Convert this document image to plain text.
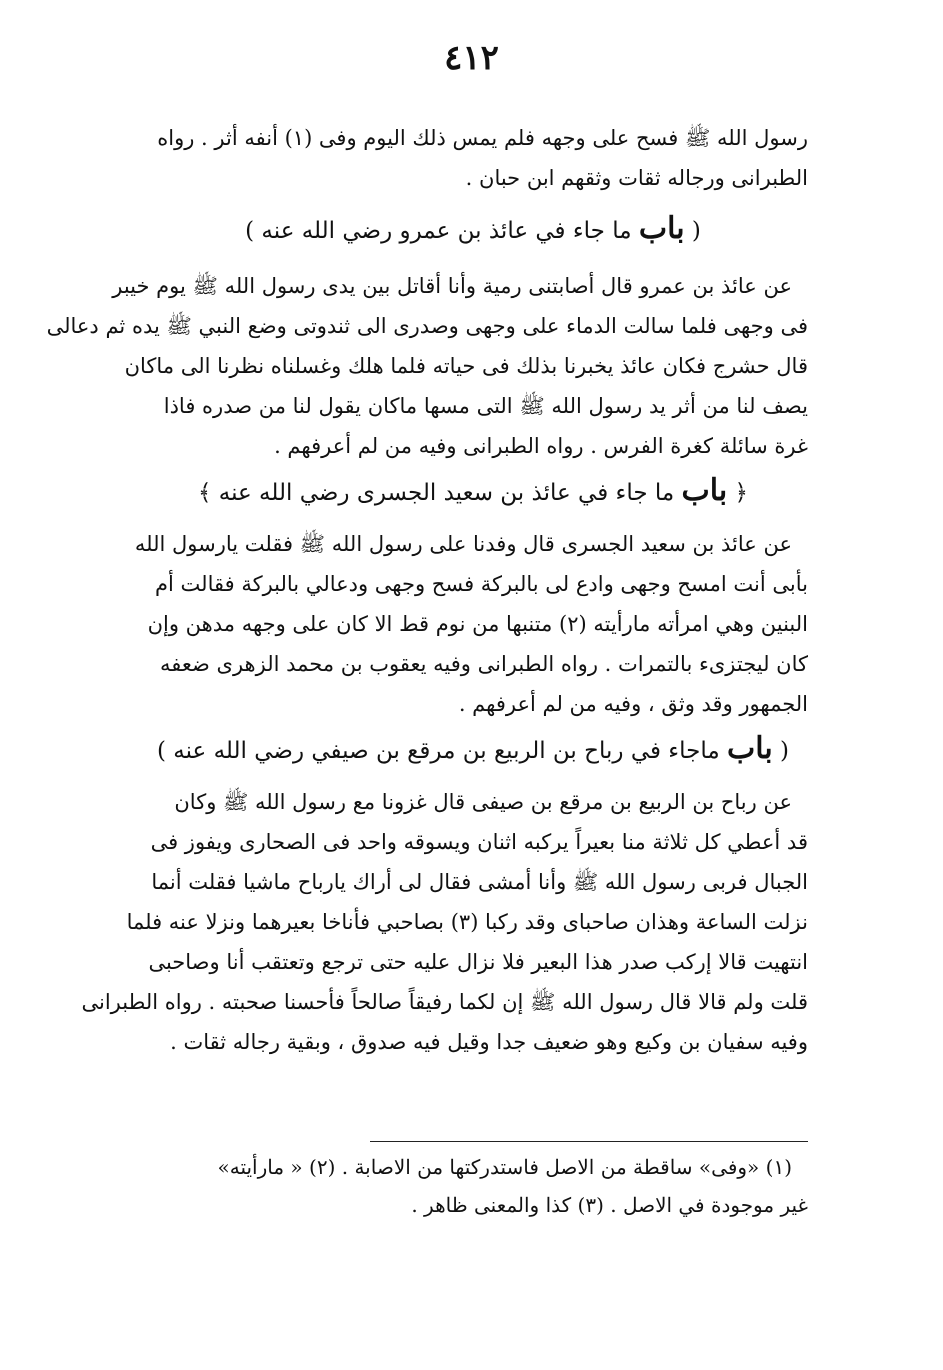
٤١٢
رسول الله ﷺ فسح على وجهه فلم يمس ذلك اليوم وفى (١) أنفه أثر . رواه
الطبرانى ورجاله ثقات وثقهم ابن حبان .
( باب ما جاء في عائذ بن عمرو رضي الله عنه )
عن عائذ بن عمرو قال أصابتنى رمية وأنا أقاتل بين يدى رسول الله ﷺ يوم خيبر
فى وجهى فلما سالت الدماء على وجهى وصدرى الى ثندوتى وضع النبي ﷺ يده ثم دعالى
قال حشرج فكان عائذ يخبرنا بذلك فى حياته فلما هلك وغسلناه نظرنا الى ماكان
يصف لنا من أثر يد رسول الله ﷺ التى مسها ماكان يقول لنا من صدره فاذا
غرة سائلة كغرة الفرس . رواه الطبرانى وفيه من لم أعرفهم .
﴿ باب ما جاء في عائذ بن سعيد الجسرى رضي الله عنه ﴾
عن عائذ بن سعيد الجسرى قال وفدنا على رسول الله ﷺ فقلت يارسول الله
بأبى أنت امسح وجهى وادع لى بالبركة فسح وجهى ودعالي بالبركة فقالت أم
البنين وهي امرأته مارأيته (٢) متنبها من نوم قط الا كان على وجهه مدهن وإن
كان ليجتزىء بالتمرات . رواه الطبرانى وفيه يعقوب بن محمد الزهرى ضعفه
الجمهور وقد وثق ، وفيه من لم أعرفهم .
( باب ماجاء في رباح بن الربيع بن مرقع بن صيفي رضي الله عنه )
عن رباح بن الربيع بن مرقع بن صيفى قال غزونا مع رسول الله ﷺ وكان
قد أعطي كل ثلاثة منا بعيراً يركبه اثنان ويسوقه واحد فى الصحارى ويفوز فى
الجبال فربى رسول الله ﷺ وأنا أمشى فقال لى أراك يارباح ماشيا فقلت أنما
نزلت الساعة وهذان صاحباى وقد ركبا (٣) بصاحبي فأناخا بعيرهما ونزلا عنه فلما
انتهيت قالا إركب صدر هذا البعير فلا نزال عليه حتى ترجع وتعتقب أنا وصاحبى
قلت ولم قالا قال رسول الله ﷺ إن لكما رفيقاً صالحاً فأحسنا صحبته . رواه الطبرانى
وفيه سفيان بن وكيع وهو ضعيف جدا وقيل فيه صدوق ، وبقية رجاله ثقات .
(١) «وفى» ساقطة من الاصل فاستدركتها من الاصابة . (٢) « مارأيته»
غير موجودة في الاصل . (٣) كذا والمعنى ظاهر .
